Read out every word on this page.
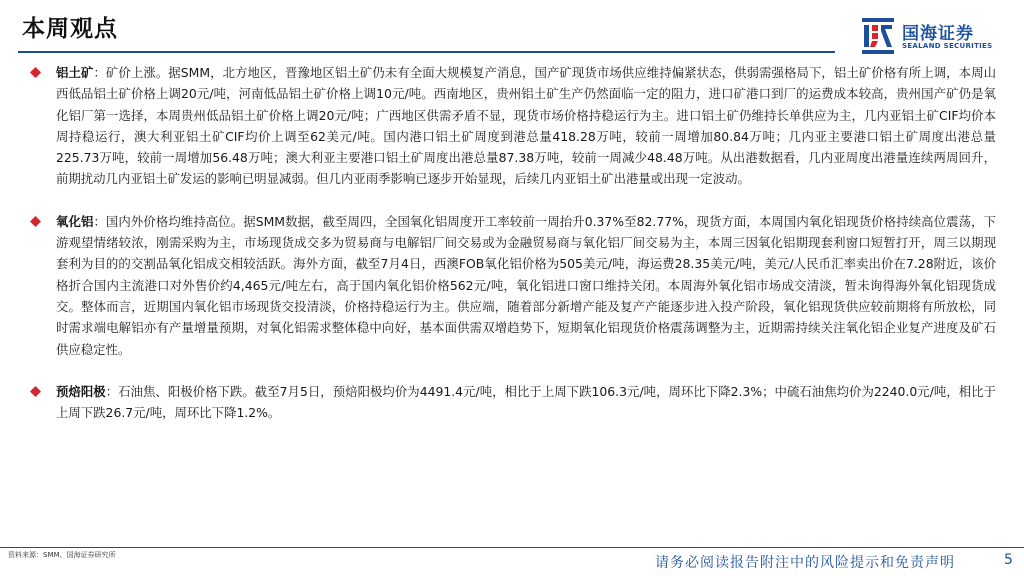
本周观点	国海证券
SEALAND SECURITIES
铝土矿：矿价上涨。据SMM，北方地区，晋豫地区铝土矿仍未有全面大规模复产消息，国产矿现货市场供应维持偏紧状态，供弱需强格局下，铝土矿价格有所上调，本周山西低品铝土矿价格上调20元/吨，河南低品铝土矿价格上调10元/吨。西南地区，贵州铝土矿生产仍然面临一定的阻力，进口矿港口到厂的运费成本较高，贵州国产矿仍是氧化铝厂第一选择，本周贵州低品铝土矿价格上调20元/吨；广西地区供需矛盾不显，现货市场价格持稳运行为主。进口铝土矿仍维持长单供应为主，几内亚铝土矿CIF均价本周持稳运行，澳大利亚铝土矿CIF均价上调至62美元/吨。国内港口铝土矿周度到港总量418.28万吨，较前一周增加80.84万吨；几内亚主要港口铝土矿周度出港总量225.73万吨，较前一周增加56.48万吨；澳大利亚主要港口铝土矿周度出港总量87.38万吨，较前一周减少48.48万吨。从出港数据看，几内亚周度出港量连续两周回升，前期扰动几内亚铝土矿发运的影响已明显减弱。但几内亚雨季影响已逐步开始显现，后续几内亚铝土矿出港量或出现一定波动。
氧化铝：国内外价格均维持高位。据SMM数据，截至周四，全国氧化铝周度开工率较前一周抬升0.37%至82.77%，现货方面，本周国内氧化铝现货价格持续高位震荡，下游观望情绪较浓，刚需采购为主，市场现货成交多为贸易商与电解铝厂间交易或为金融贸易商与氧化铝厂间交易为主，本周三因氧化铝期现套利窗口短暂打开，周三以期现套利为目的的交割品氧化铝成交相较活跃。海外方面，截至7月4日，西澳FOB氧化铝价格为505美元/吨，海运费28.35美元/吨，美元/人民币汇率卖出价在7.28附近，该价格折合国内主流港口对外售价约4,465元/吨左右，高于国内氧化铝价格562元/吨，氧化铝进口窗口维持关闭。本周海外氧化铝市场成交清淡，暂未询得海外氧化铝现货成交。整体而言，近期国内氧化铝市场现货交投清淡，价格持稳运行为主。供应端，随着部分新增产能及复产产能逐步进入投产阶段，氧化铝现货供应较前期将有所放松，同时需求端电解铝亦有产量增量预期，对氧化铝需求整体稳中向好，基本面供需双增趋势下，短期氧化铝现货价格震荡调整为主，近期需持续关注氧化铝企业复产进度及矿石供应稳定性。
预焙阳极：石油焦、阳极价格下跌。截至7月5日，预焙阳极均价为4491.4元/吨，相比于上周下跌106.3元/吨，周环比下降2.3%；中硫石油焦均价为2240.0元/吨，相比于上周下跌26.7元/吨，周环比下降1.2%。
资料来源：SMM、国海证券研究所	请务必阅读报告附注中的风险提示和免责声明	5
